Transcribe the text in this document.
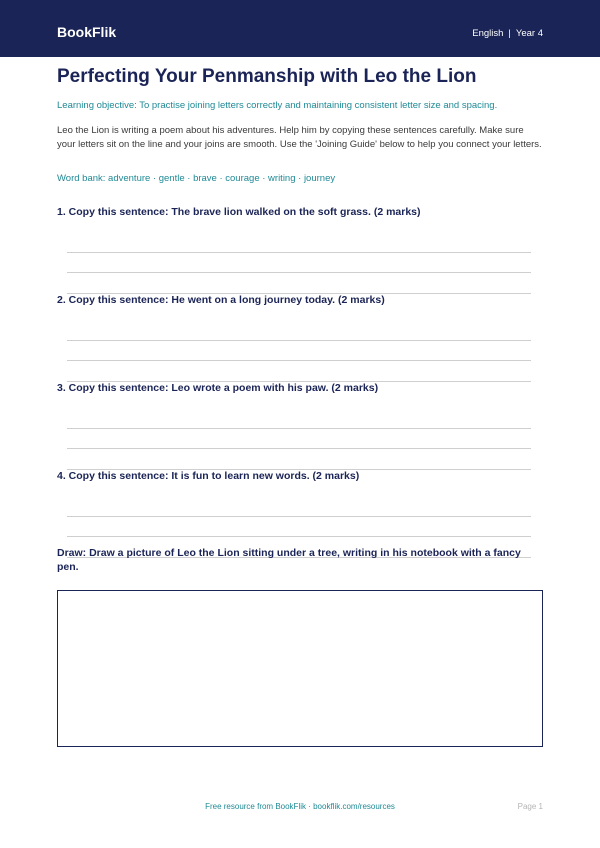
BookFlik	English | Year 4
Perfecting Your Penmanship with Leo the Lion
Learning objective: To practise joining letters correctly and maintaining consistent letter size and spacing.
Leo the Lion is writing a poem about his adventures. Help him by copying these sentences carefully. Make sure your letters sit on the line and your joins are smooth. Use the 'Joining Guide' below to help you connect your letters.
Word bank: adventure · gentle · brave · courage · writing · journey
1. Copy this sentence: The brave lion walked on the soft grass. (2 marks)
2. Copy this sentence: He went on a long journey today. (2 marks)
3. Copy this sentence: Leo wrote a poem with his paw. (2 marks)
4. Copy this sentence: It is fun to learn new words. (2 marks)
Draw: Draw a picture of Leo the Lion sitting under a tree, writing in his notebook with a fancy pen.
Free resource from BookFlik · bookflik.com/resources	Page 1
